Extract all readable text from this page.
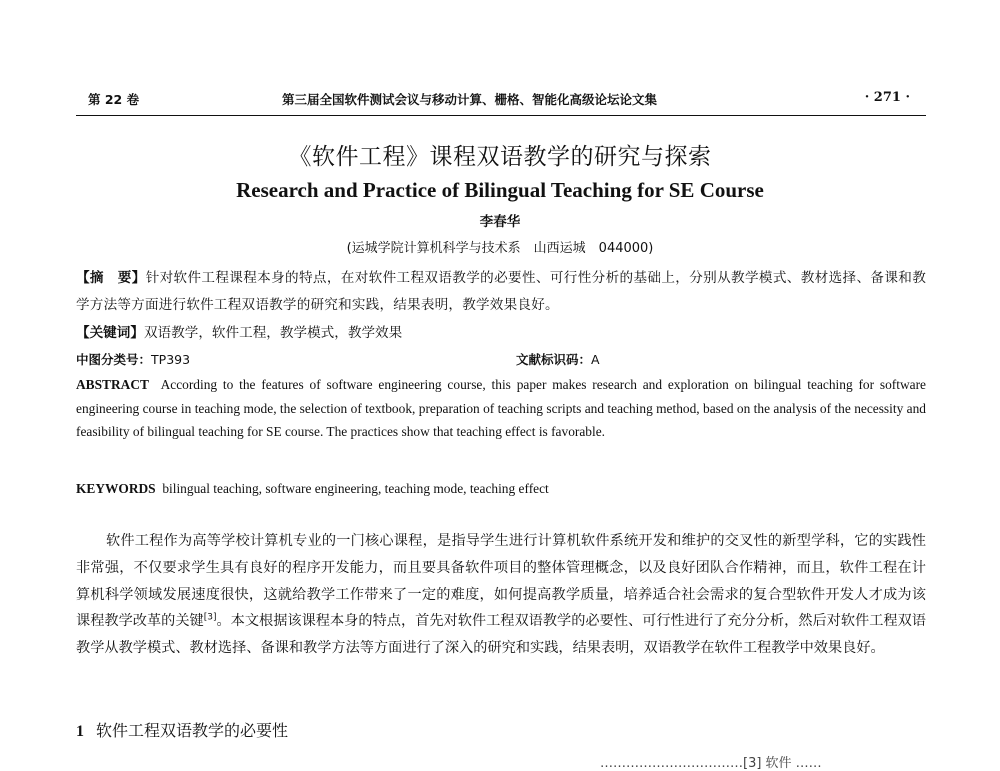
第 22 卷	第三届全国软件测试会议与移动计算、栅格、智能化高级论坛论文集	· 271 ·
《软件工程》课程双语教学的研究与探索
Research and Practice of Bilingual Teaching for SE Course
李春华
(运城学院计算机科学与技术系　山西运城　044000)
【摘　要】针对软件工程课程本身的特点，在对软件工程双语教学的必要性、可行性分析的基础上，分别从教学模式、教材选择、备课和教学方法等方面进行软件工程双语教学的研究和实践，结果表明，教学效果良好。
【关键词】双语教学，软件工程，教学模式，教学效果
中图分类号：TP393	文献标识码：A
ABSTRACT According to the features of software engineering course, this paper makes research and exploration on bilingual teaching for software engineering course in teaching mode, the selection of textbook, preparation of teaching scripts and teaching method, based on the analysis of the necessity and feasibility of bilingual teaching for SE course. The practices show that teaching effect is favorable.
KEYWORDS bilingual teaching, software engineering, teaching mode, teaching effect
软件工程作为高等学校计算机专业的一门核心课程，是指导学生进行计算机软件系统开发和维护的交叉性的新型学科，它的实践性非常强，不仅要求学生具有良好的程序开发能力，而且要具备软件项目的整体管理概念，以及良好团队合作精神，而且，软件工程在计算机科学领域发展速度很快，这就给教学工作带来了一定的难度，如何提高教学质量，培养适合社会需求的复合型软件开发人才成为该课程教学改革的关键[3]。本文根据该课程本身的特点，首先对软件工程双语教学的必要性、可行性进行了充分分析，然后对软件工程双语教学从教学模式、教材选择、备课和教学方法等方面进行了深入的研究和实践，结果表明，双语教学在软件工程教学中效果良好。
1 软件工程双语教学的必要性
……………………………[3] 软件 ……
